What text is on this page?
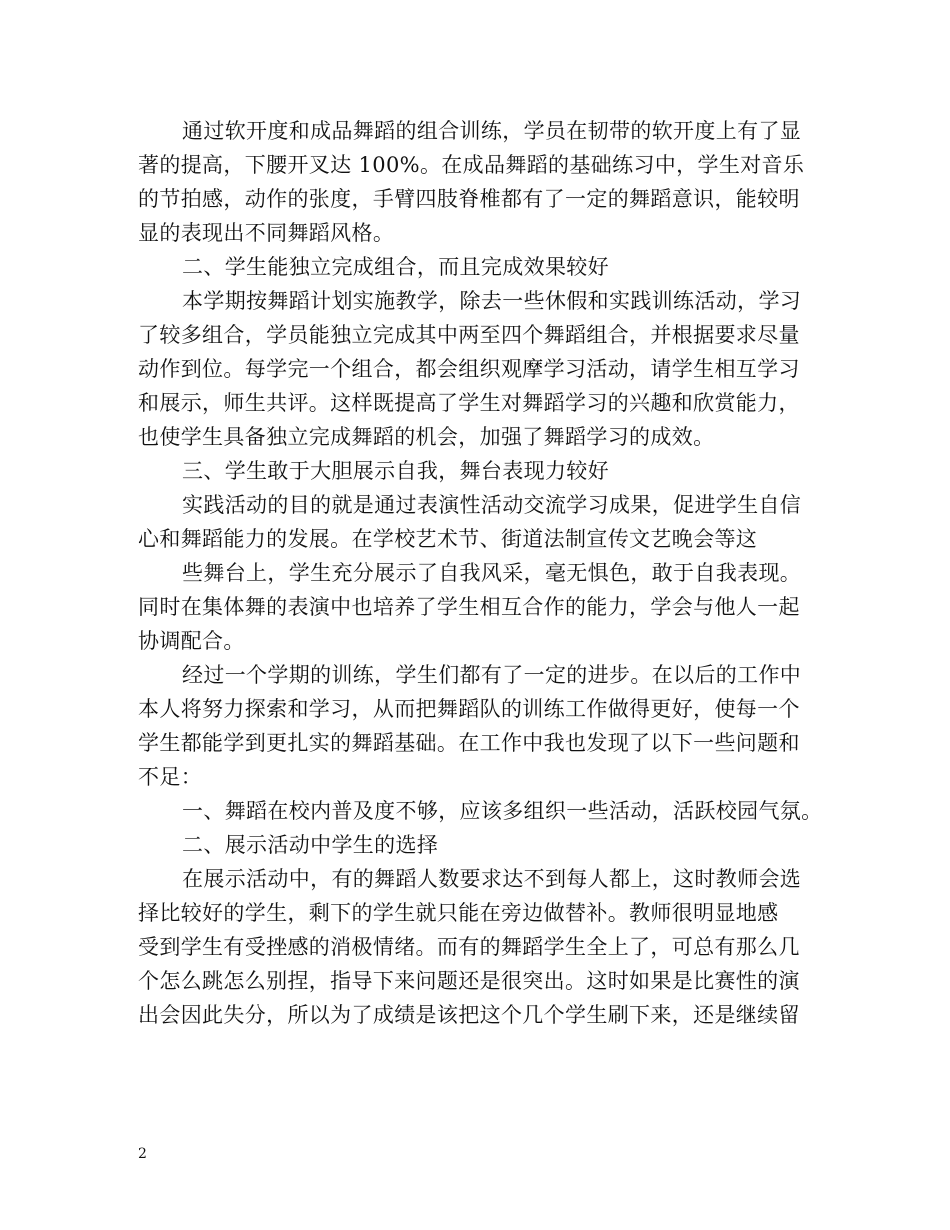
通过软开度和成品舞蹈的组合训练，学员在韧带的软开度上有了显
著的提高，下腰开叉达 100%。在成品舞蹈的基础练习中，学生对音乐
的节拍感，动作的张度，手臂四肢脊椎都有了一定的舞蹈意识，能较明
显的表现出不同舞蹈风格。
二、学生能独立完成组合，而且完成效果较好
本学期按舞蹈计划实施教学，除去一些休假和实践训练活动，学习
了较多组合，学员能独立完成其中两至四个舞蹈组合，并根据要求尽量
动作到位。每学完一个组合，都会组织观摩学习活动，请学生相互学习
和展示，师生共评。这样既提高了学生对舞蹈学习的兴趣和欣赏能力，
也使学生具备独立完成舞蹈的机会，加强了舞蹈学习的成效。
三、学生敢于大胆展示自我，舞台表现力较好
实践活动的目的就是通过表演性活动交流学习成果，促进学生自信
心和舞蹈能力的发展。在学校艺术节、街道法制宣传文艺晚会等这
些舞台上，学生充分展示了自我风采，毫无惧色，敢于自我表现。
同时在集体舞的表演中也培养了学生相互合作的能力，学会与他人一起
协调配合。
经过一个学期的训练，学生们都有了一定的进步。在以后的工作中
本人将努力探索和学习，从而把舞蹈队的训练工作做得更好，使每一个
学生都能学到更扎实的舞蹈基础。在工作中我也发现了以下一些问题和
不足：
一、舞蹈在校内普及度不够，应该多组织一些活动，活跃校园气氛。
二、展示活动中学生的选择
在展示活动中，有的舞蹈人数要求达不到每人都上，这时教师会选
择比较好的学生，剩下的学生就只能在旁边做替补。教师很明显地感
受到学生有受挫感的消极情绪。而有的舞蹈学生全上了，可总有那么几
个怎么跳怎么别捏，指导下来问题还是很突出。这时如果是比赛性的演
出会因此失分，所以为了成绩是该把这个几个学生刷下来，还是继续留
2
